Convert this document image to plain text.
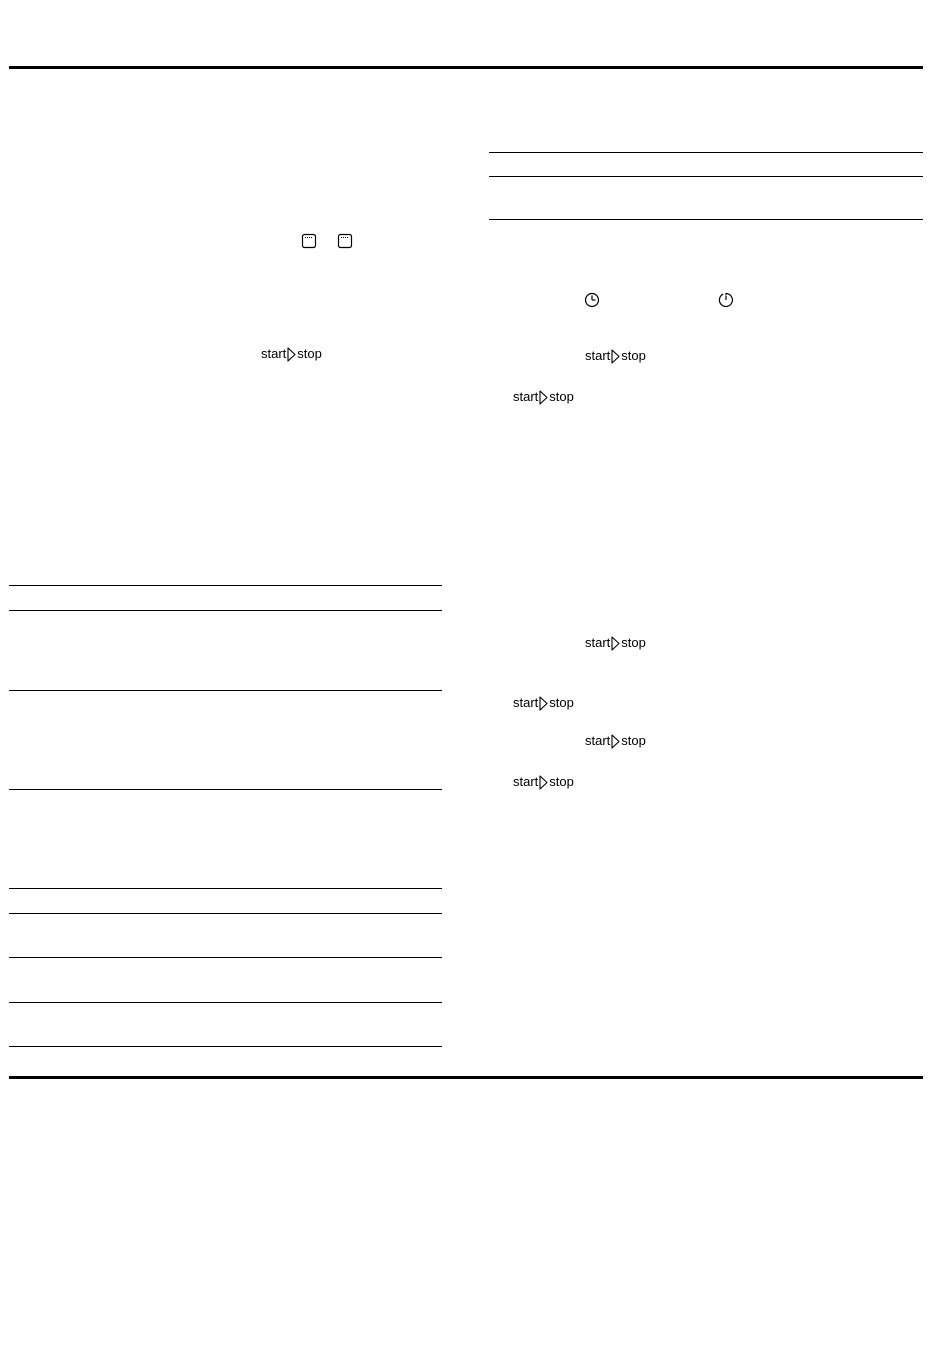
start stop	start stop
start stop
start stop
start stop
start stop
start stop
